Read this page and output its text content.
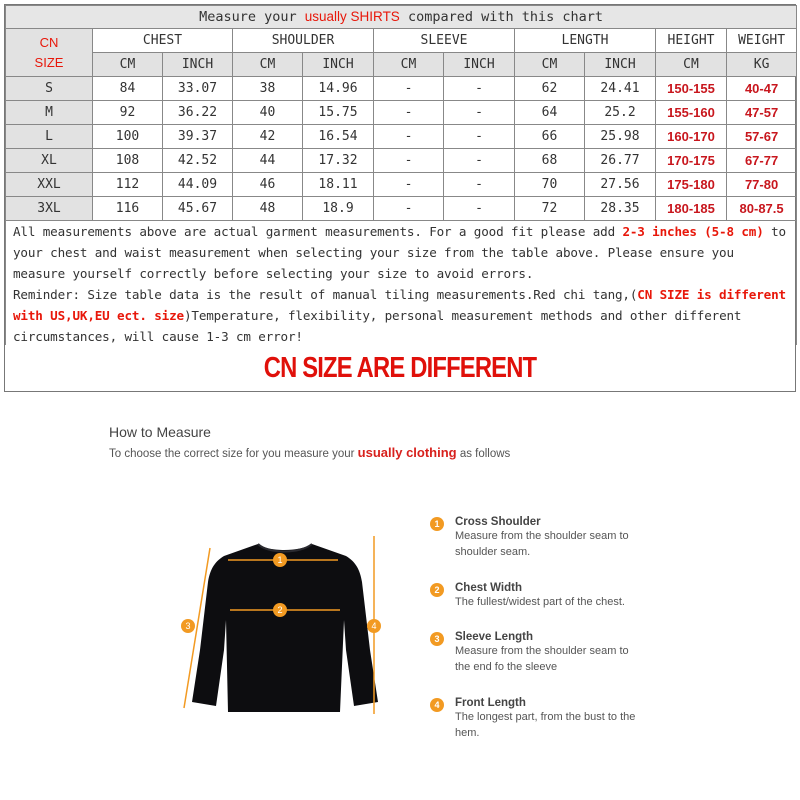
Measure your usually SHIRTS compared with this chart										

CN
SIZE	CHEST		SHOULDER		SLEEVE		LENGTH		HEIGHT	WEIGHT
	CM	INCH	CM	INCH	CM	INCH	CM	INCH	CM	KG
S	84	33.07	38	14.96	-	-	62	24.41	150-155	40-47
M	92	36.22	40	15.75	-	-	64	25.2	155-160	47-57
L	100	39.37	42	16.54	-	-	66	25.98	160-170	57-67
XL	108	42.52	44	17.32	-	-	68	26.77	170-175	67-77
XXL	112	44.09	46	18.11	-	-	70	27.56	175-180	77-80
3XL	116	45.67	48	18.9	-	-	72	28.35	180-185	80-87.5

All measurements above are actual garment measurements. For a good fit please add 2-3 inches (5-8 cm) to your chest and waist measurement when selecting your size from the table above. Please ensure you measure yourself correctly before selecting your size to avoid errors.
Reminder: Size table data is the result of manual tiling measurements.Red chi tang,(CN SIZE is different with US,UK,EU ect. size)Temperature, flexibility, personal measurement methods and other different circumstances, will cause 1-3 cm error!										
CN SIZE ARE DIFFERENT
How to Measure
To choose the correct size for you measure your usually clothing as follows
1
2
3	4
1	Cross Shoulder
Measure from the shoulder seam to shoulder seam.
2	Chest Width
The fullest/widest part of the chest.
3	Sleeve Length
Measure from the shoulder seam to the end fo the sleeve
4	Front Length
The longest part, from the bust to the hem.
